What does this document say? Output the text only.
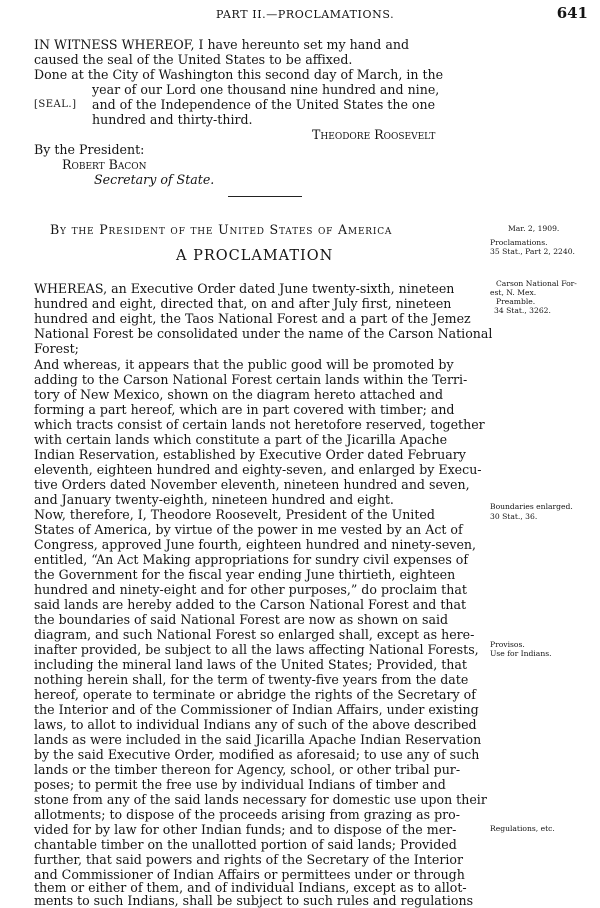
PART II.—PROCLAMATIONS.	641
IN WITNESS WHEREOF, I have hereunto set my hand and
caused the seal of the United States to be affixed.
Done at the City of Washington this second day of March, in the
year of our Lord one thousand nine hundred and nine,
[SEAL.] and of the Independence of the United States the one
hundred and thirty-third.
Theodore Roosevelt
By the President:
Robert Bacon
Secretary of State.
By the President of the United States of America
A PROCLAMATION
WHEREAS, an Executive Order dated June twenty-sixth, nineteen
hundred and eight, directed that, on and after July first, nineteen
hundred and eight, the Taos National Forest and a part of the Jemez
National Forest be consolidated under the name of the Carson National
Forest;
And whereas, it appears that the public good will be promoted by
adding to the Carson National Forest certain lands within the Terri-
tory of New Mexico, shown on the diagram hereto attached and
forming a part hereof, which are in part covered with timber; and
which tracts consist of certain lands not heretofore reserved, together
with certain lands which constitute a part of the Jicarilla Apache
Indian Reservation, established by Executive Order dated February
eleventh, eighteen hundred and eighty-seven, and enlarged by Execu-
tive Orders dated November eleventh, nineteen hundred and seven,
and January twenty-eighth, nineteen hundred and eight.
Now, therefore, I, Theodore Roosevelt, President of the United
States of America, by virtue of the power in me vested by an Act of
Congress, approved June fourth, eighteen hundred and ninety-seven,
entitled, “An Act Making appropriations for sundry civil expenses of
the Government for the fiscal year ending June thirtieth, eighteen
hundred and ninety-eight and for other purposes,” do proclaim that
said lands are hereby added to the Carson National Forest and that
the boundaries of said National Forest are now as shown on said
diagram, and such National Forest so enlarged shall, except as here-
inafter provided, be subject to all the laws affecting National Forests,
including the mineral land laws of the United States; Provided, that
nothing herein shall, for the term of twenty-five years from the date
hereof, operate to terminate or abridge the rights of the Secretary of
the Interior and of the Commissioner of Indian Affairs, under existing
laws, to allot to individual Indians any of such of the above described
lands as were included in the said Jicarilla Apache Indian Reservation
by the said Executive Order, modified as aforesaid; to use any of such
lands or the timber thereon for Agency, school, or other tribal pur-
poses; to permit the free use by individual Indians of timber and
stone from any of the said lands necessary for domestic use upon their
allotments; to dispose of the proceeds arising from grazing as pro-
vided for by law for other Indian funds; and to dispose of the mer-
chantable timber on the unallotted portion of said lands; Provided
further, that said powers and rights of the Secretary of the Interior
and Commissioner of Indian Affairs or permittees under or through
them or either of them, and of individual Indians, except as to allot-
ments to such Indians, shall be subject to such rules and regulations
Mar. 2, 1909.
Proclamations.
35 Stat., Part 2, 2240.
Carson National For-
est, N. Mex.
Preamble.
34 Stat., 3262.
Boundaries enlarged.
30 Stat., 36.
Provisos.
Use for Indians.
Regulations, etc.
